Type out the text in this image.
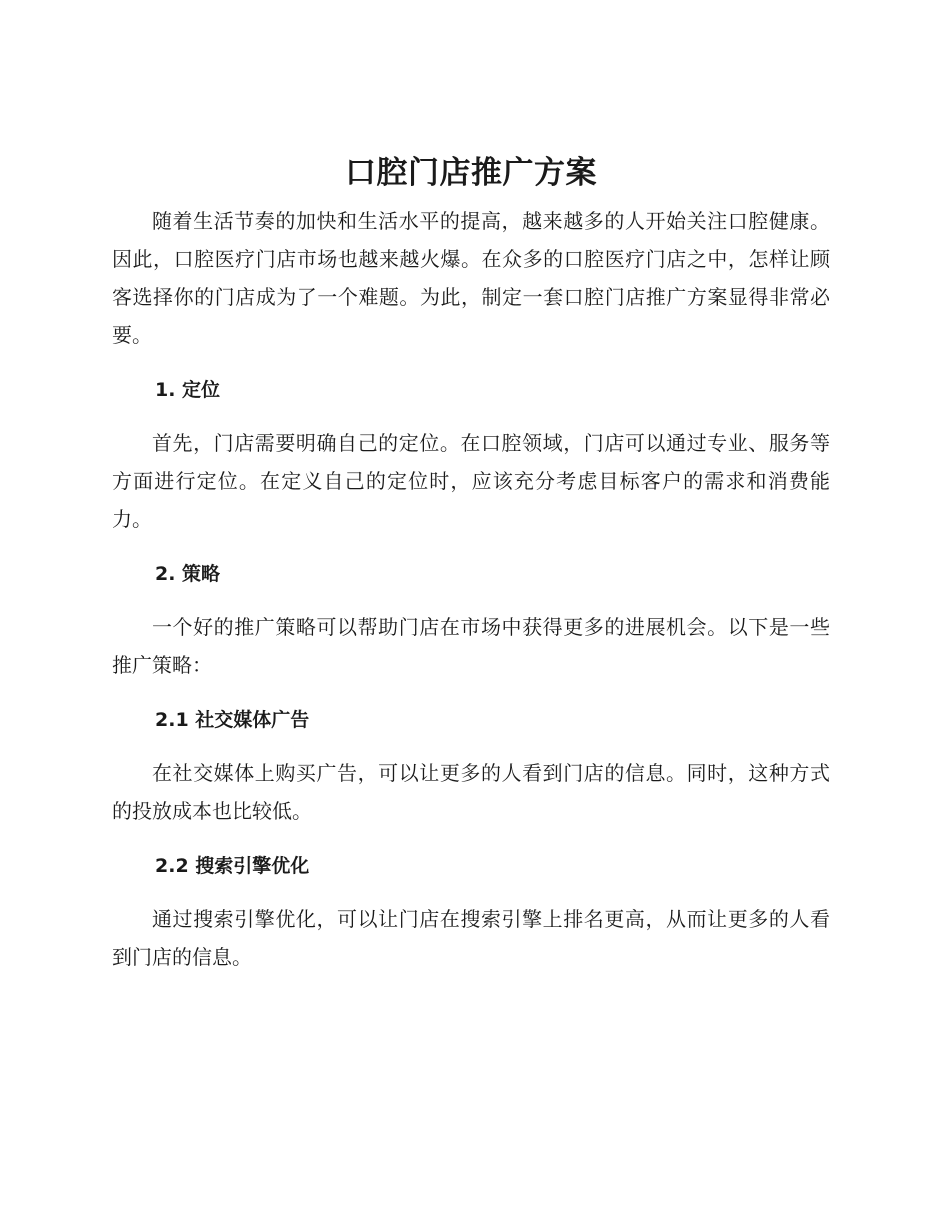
口腔门店推广方案

随着生活节奏的加快和生活水平的提高，越来越多的人开始关注口腔健康。因此，口腔医疗门店市场也越来越火爆。在众多的口腔医疗门店之中，怎样让顾客选择你的门店成为了一个难题。为此，制定一套口腔门店推广方案显得非常必要。

1. 定位

首先，门店需要明确自己的定位。在口腔领域，门店可以通过专业、服务等方面进行定位。在定义自己的定位时，应该充分考虑目标客户的需求和消费能力。

2. 策略

一个好的推广策略可以帮助门店在市场中获得更多的进展机会。以下是一些推广策略：

2.1 社交媒体广告

在社交媒体上购买广告，可以让更多的人看到门店的信息。同时，这种方式的投放成本也比较低。

2.2 搜索引擎优化

通过搜索引擎优化，可以让门店在搜索引擎上排名更高，从而让更多的人看到门店的信息。
